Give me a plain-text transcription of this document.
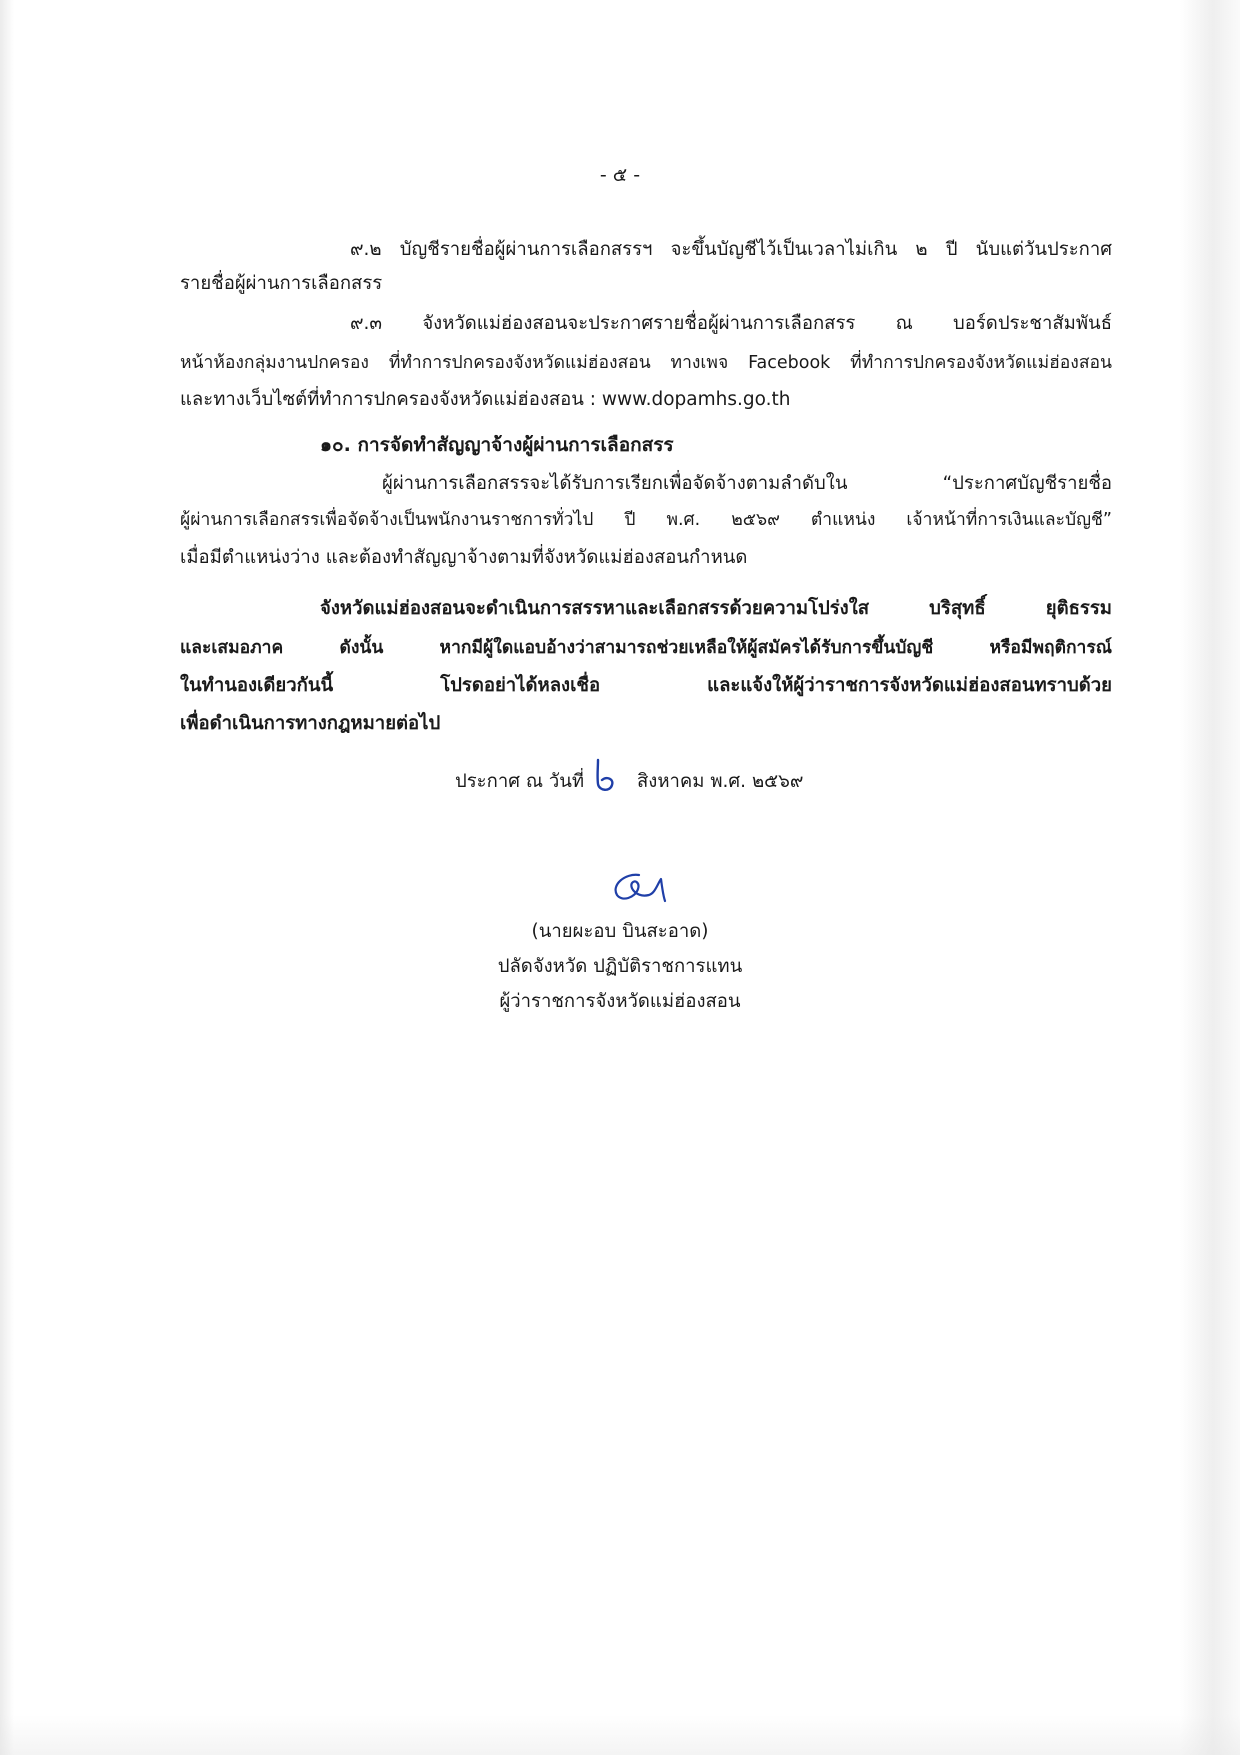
- ๕ -
๙.๒ บัญชีรายชื่อผู้ผ่านการเลือกสรรฯ จะขึ้นบัญชีไว้เป็นเวลาไม่เกิน ๒ ปี นับแต่วันประกาศ
รายชื่อผู้ผ่านการเลือกสรร
๙.๓ จังหวัดแม่ฮ่องสอนจะประกาศรายชื่อผู้ผ่านการเลือกสรร ณ บอร์ดประชาสัมพันธ์
หน้าห้องกลุ่มงานปกครอง ที่ทำการปกครองจังหวัดแม่ฮ่องสอน ทางเพจ Facebook ที่ทำการปกครองจังหวัดแม่ฮ่องสอน
และทางเว็บไซต์ที่ทำการปกครองจังหวัดแม่ฮ่องสอน : www.dopamhs.go.th
๑๐. การจัดทำสัญญาจ้างผู้ผ่านการเลือกสรร
ผู้ผ่านการเลือกสรรจะได้รับการเรียกเพื่อจัดจ้างตามลำดับใน “ประกาศบัญชีรายชื่อ
ผู้ผ่านการเลือกสรรเพื่อจัดจ้างเป็นพนักงานราชการทั่วไป ปี พ.ศ. ๒๕๖๙ ตำแหน่ง เจ้าหน้าที่การเงินและบัญชี”
เมื่อมีตำแหน่งว่าง และต้องทำสัญญาจ้างตามที่จังหวัดแม่ฮ่องสอนกำหนด
จังหวัดแม่ฮ่องสอนจะดำเนินการสรรหาและเลือกสรรด้วยความโปร่งใส บริสุทธิ์ ยุติธรรม
และเสมอภาค ดังนั้น หากมีผู้ใดแอบอ้างว่าสามารถช่วยเหลือให้ผู้สมัครได้รับการขึ้นบัญชี หรือมีพฤติการณ์
ในทำนองเดียวกันนี้ โปรดอย่าได้หลงเชื่อ และแจ้งให้ผู้ว่าราชการจังหวัดแม่ฮ่องสอนทราบด้วย
เพื่อดำเนินการทางกฎหมายต่อไป
ประกาศ ณ วันที่	สิงหาคม พ.ศ. ๒๕๖๙
(นายผะอบ บินสะอาด)
ปลัดจังหวัด ปฏิบัติราชการแทน
ผู้ว่าราชการจังหวัดแม่ฮ่องสอน
